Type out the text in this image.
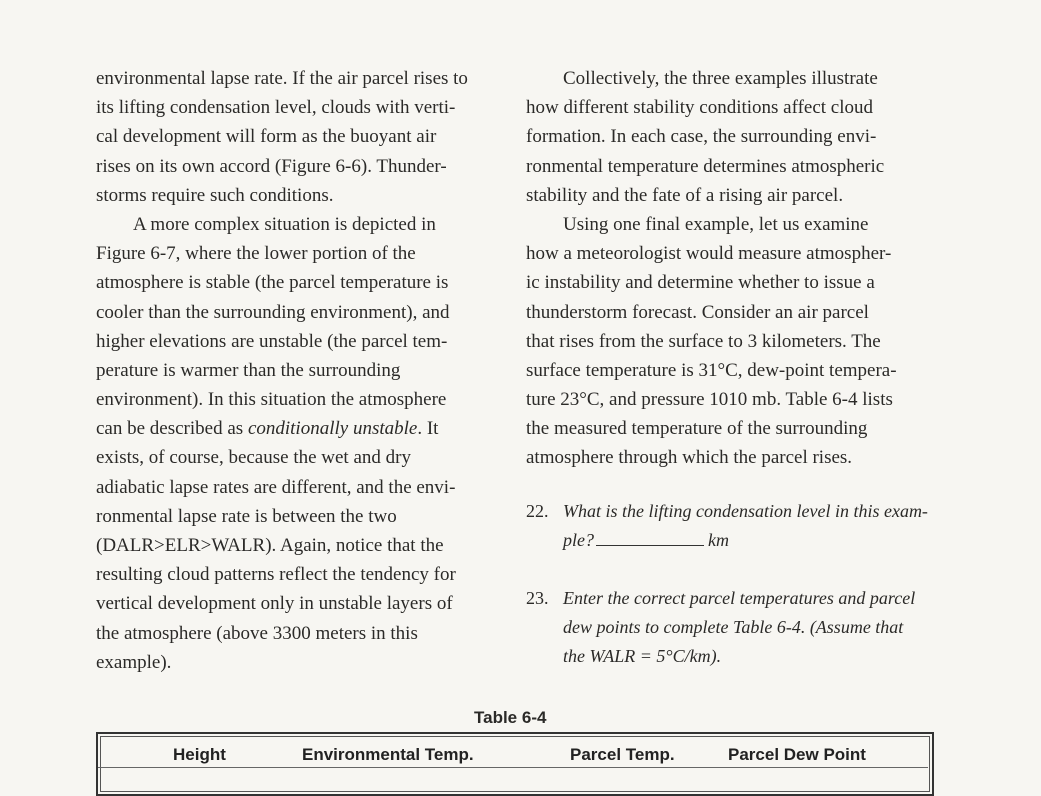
environmental lapse rate. If the air parcel rises to
its lifting condensation level, clouds with verti-
cal development will form as the buoyant air
rises on its own accord (Figure 6-6). Thunder-
storms require such conditions.
A more complex situation is depicted in
Figure 6-7, where the lower portion of the
atmosphere is stable (the parcel temperature is
cooler than the surrounding environment), and
higher elevations are unstable (the parcel tem-
perature is warmer than the surrounding
environment). In this situation the atmosphere
can be described as conditionally unstable. It
exists, of course, because the wet and dry
adiabatic lapse rates are different, and the envi-
ronmental lapse rate is between the two
(DALR>ELR>WALR). Again, notice that the
resulting cloud patterns reflect the tendency for
vertical development only in unstable layers of
the atmosphere (above 3300 meters in this
example).
Collectively, the three examples illustrate
how different stability conditions affect cloud
formation. In each case, the surrounding envi-
ronmental temperature determines atmospheric
stability and the fate of a rising air parcel.
Using one final example, let us examine
how a meteorologist would measure atmospher-
ic instability and determine whether to issue a
thunderstorm forecast. Consider an air parcel
that rises from the surface to 3 kilometers. The
surface temperature is 31°C, dew-point tempera-
ture 23°C, and pressure 1010 mb. Table 6-4 lists
the measured temperature of the surrounding
atmosphere through which the parcel rises.
22. What is the lifting condensation level in this exam-
ple?	km
23. Enter the correct parcel temperatures and parcel
dew points to complete Table 6-4. (Assume that
the WALR = 5°C/km).
Table 6-4
Height	Environmental Temp.	Parcel Temp.	Parcel Dew Point
